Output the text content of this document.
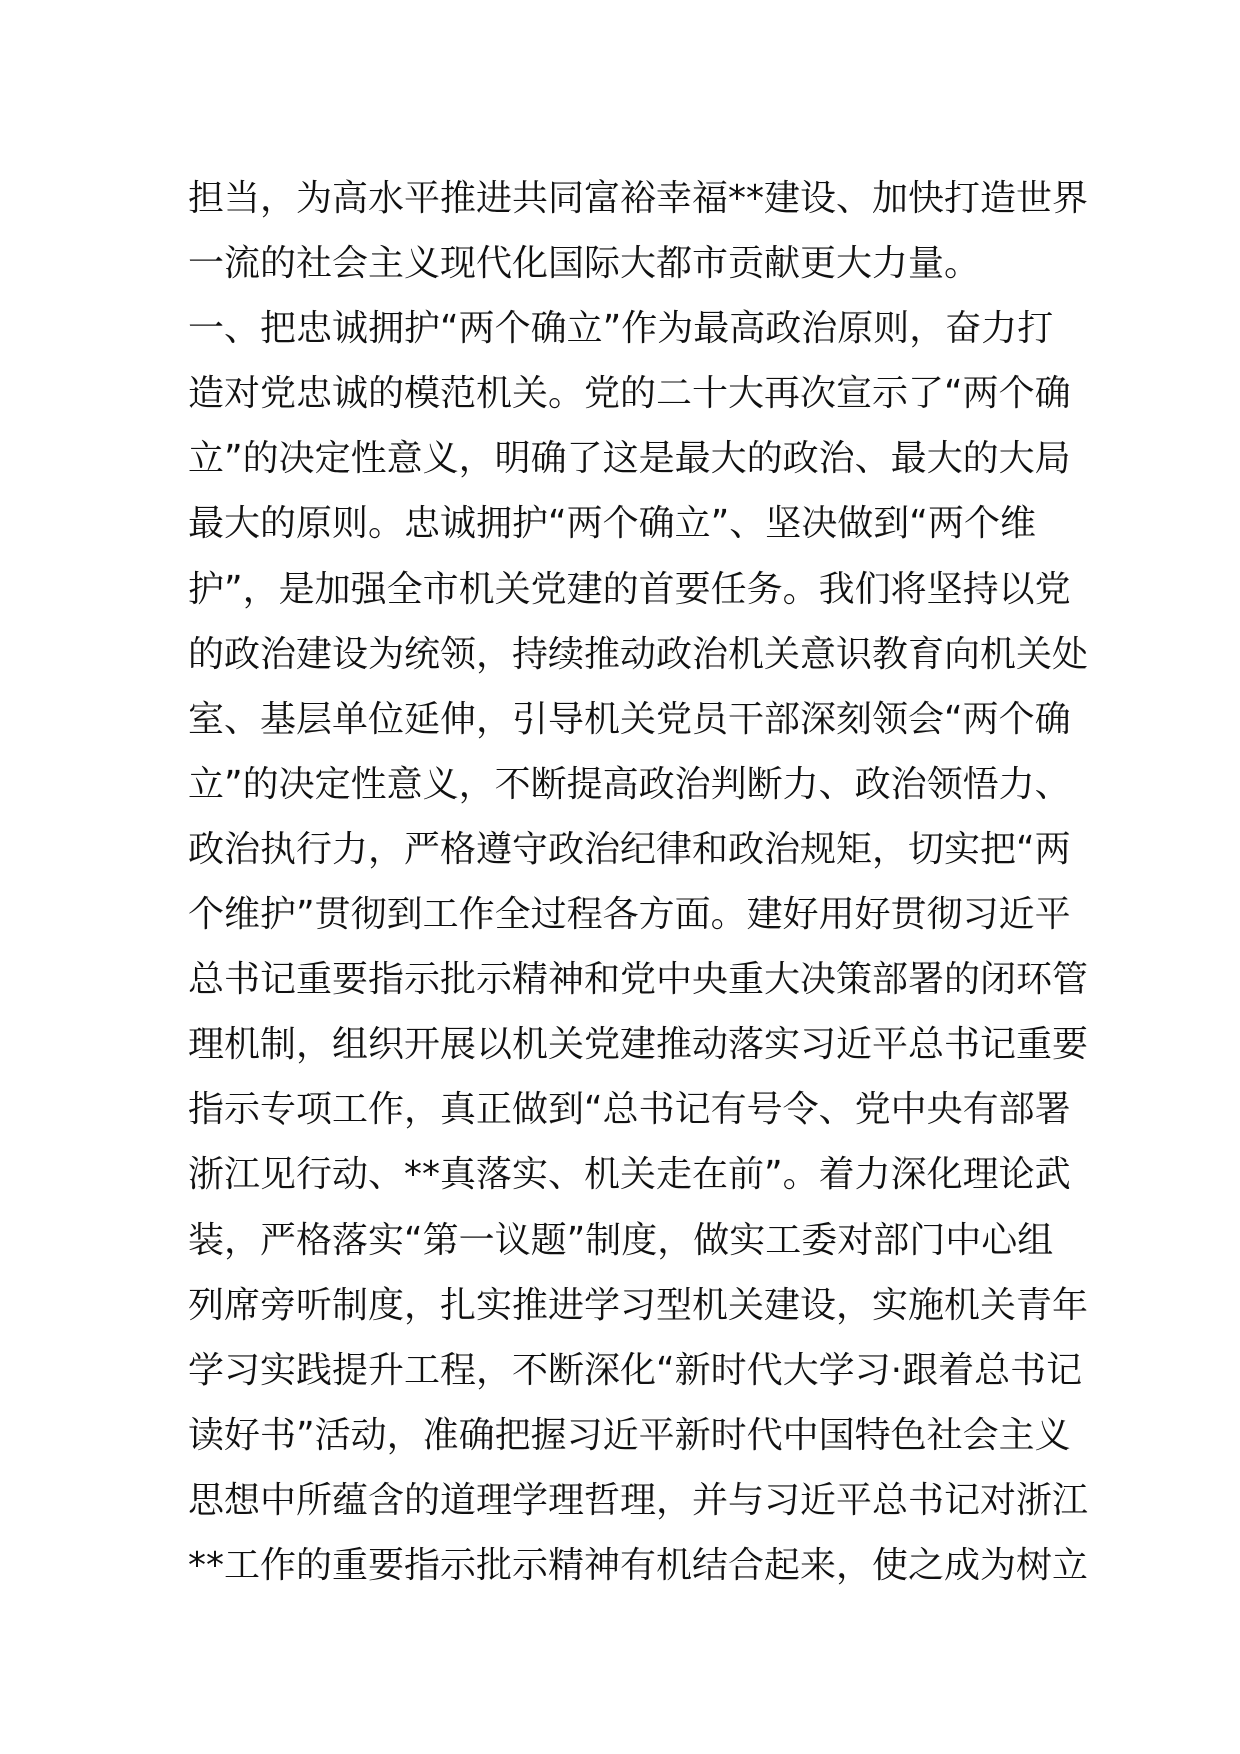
担当，为高水平推进共同富裕幸福**建设、加快打造世界
一流的社会主义现代化国际大都市贡献更大力量。
一、把忠诚拥护“两个确立”作为最高政治原则，奋力打
造对党忠诚的模范机关。党的二十大再次宣示了“两个确
立”的决定性意义，明确了这是最大的政治、最大的大局
最大的原则。忠诚拥护“两个确立”、坚决做到“两个维
护”，是加强全市机关党建的首要任务。我们将坚持以党
的政治建设为统领，持续推动政治机关意识教育向机关处
室、基层单位延伸，引导机关党员干部深刻领会“两个确
立”的决定性意义，不断提高政治判断力、政治领悟力、
政治执行力，严格遵守政治纪律和政治规矩，切实把“两
个维护”贯彻到工作全过程各方面。建好用好贯彻习近平
总书记重要指示批示精神和党中央重大决策部署的闭环管
理机制，组织开展以机关党建推动落实习近平总书记重要
指示专项工作，真正做到“总书记有号令、党中央有部署
浙江见行动、**真落实、机关走在前”。着力深化理论武
装，严格落实“第一议题”制度，做实工委对部门中心组
列席旁听制度，扎实推进学习型机关建设，实施机关青年
学习实践提升工程，不断深化“新时代大学习·跟着总书记
读好书”活动，准确把握习近平新时代中国特色社会主义
思想中所蕴含的道理学理哲理，并与习近平总书记对浙江
**工作的重要指示批示精神有机结合起来，使之成为树立
